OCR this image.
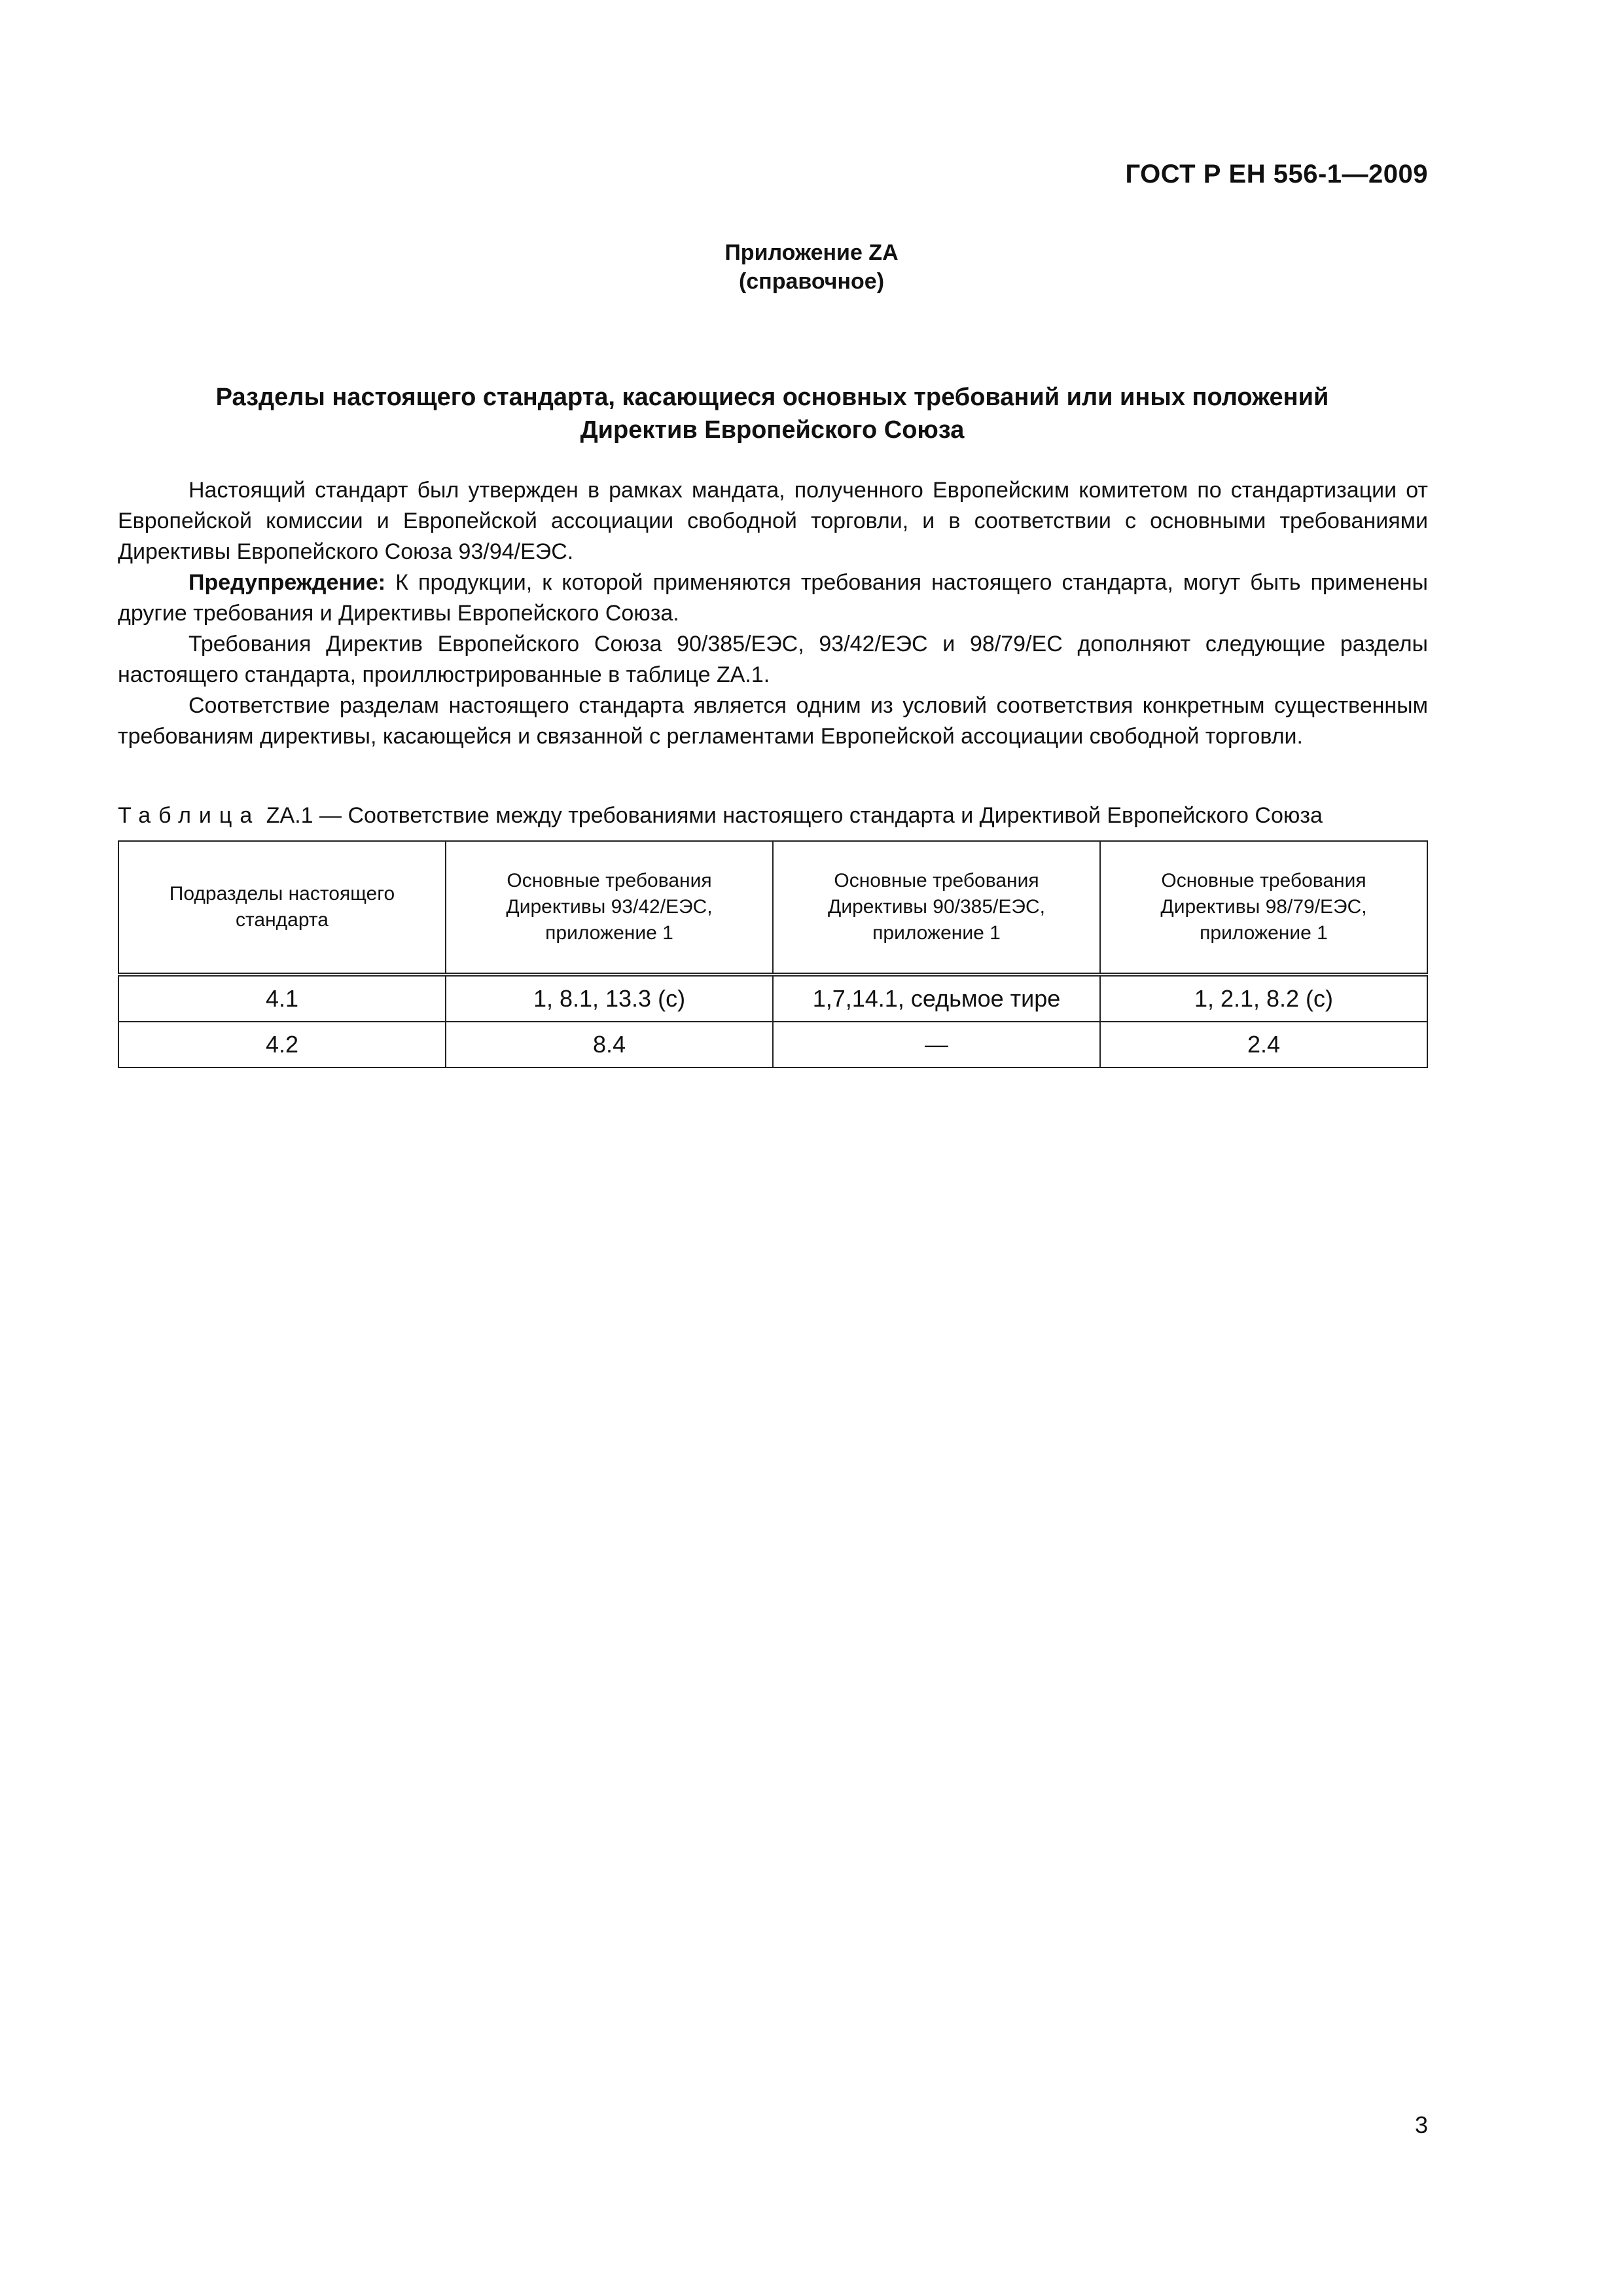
ГОСТ Р ЕН 556-1—2009
Приложение ZA
(справочное)
Разделы настоящего стандарта, касающиеся основных требований или иных положений
Директив Европейского Союза

Настоящий стандарт был утвержден в рамках мандата, полученного Европейским комитетом по стандартизации от Европейской комиссии и Европейской ассоциации свободной торговли, и в соответствии с основными требованиями Директивы Европейского Союза 93/94/ЕЭС.

Предупреждение: К продукции, к которой применяются требования настоящего стандарта, могут быть применены другие требования и Директивы Европейского Союза.

Требования Директив Европейского Союза 90/385/ЕЭС, 93/42/ЕЭС и 98/79/ЕС дополняют следующие разделы настоящего стандарта, проиллюстрированные в таблице ZA.1.

Соответствие разделам настоящего стандарта является одним из условий соответствия конкретным существенным требованиям директивы, касающейся и связанной с регламентами Европейской ассоциации свободной торговли.

Таблица ZA.1 — Соответствие между требованиями настоящего стандарта и Директивой Европейского Союза
Подразделы настоящего стандарта	Основные требования Директивы 93/42/ЕЭС, приложение 1	Основные требования Директивы 90/385/ЕЭС, приложение 1	Основные требования Директивы 98/79/ЕЭС, приложение 1
4.1	1, 8.1, 13.3 (c)	1,7,14.1, седьмое тире	1, 2.1, 8.2 (c)
4.2	8.4	—	2.4
3
